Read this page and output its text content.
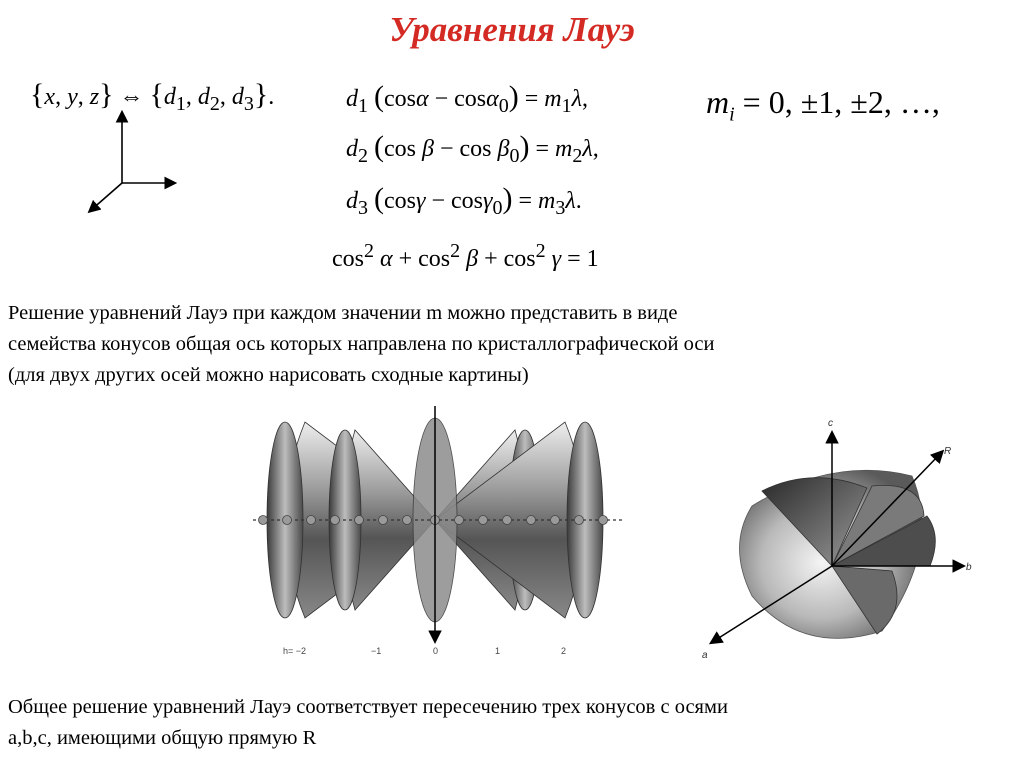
Уравнения Лауэ
{x, y, z} ⇔ {$d_1$, $d_2$, $d_3$}.	$d_1$ $(\cos\alpha - \cos\alpha_0) = m_1\lambda$,
$d_2$ (cos $\beta - \cos \beta_0) = m_2\lambda$,
$d_3$ $(\cos\gamma - \cos\gamma_0) = m_3\lambda$.
$\cos^2 \alpha + \cos^2 \beta + \cos^2 \gamma = 1$
$m_i = 0$, ±1, ±2, …,
Решение уравнений Лауэ при каждом значении m можно представить в виде
семейства конусов общая ось которых направлена по кристаллографической оси
(для двух других осей можно нарисовать сходные картины)
h= −2	−1	0	1	2
c
R
b
a
Общее решение уравнений Лауэ соответствует пересечению трех конусов с осями
a,b,c, имеющими общую прямую R
